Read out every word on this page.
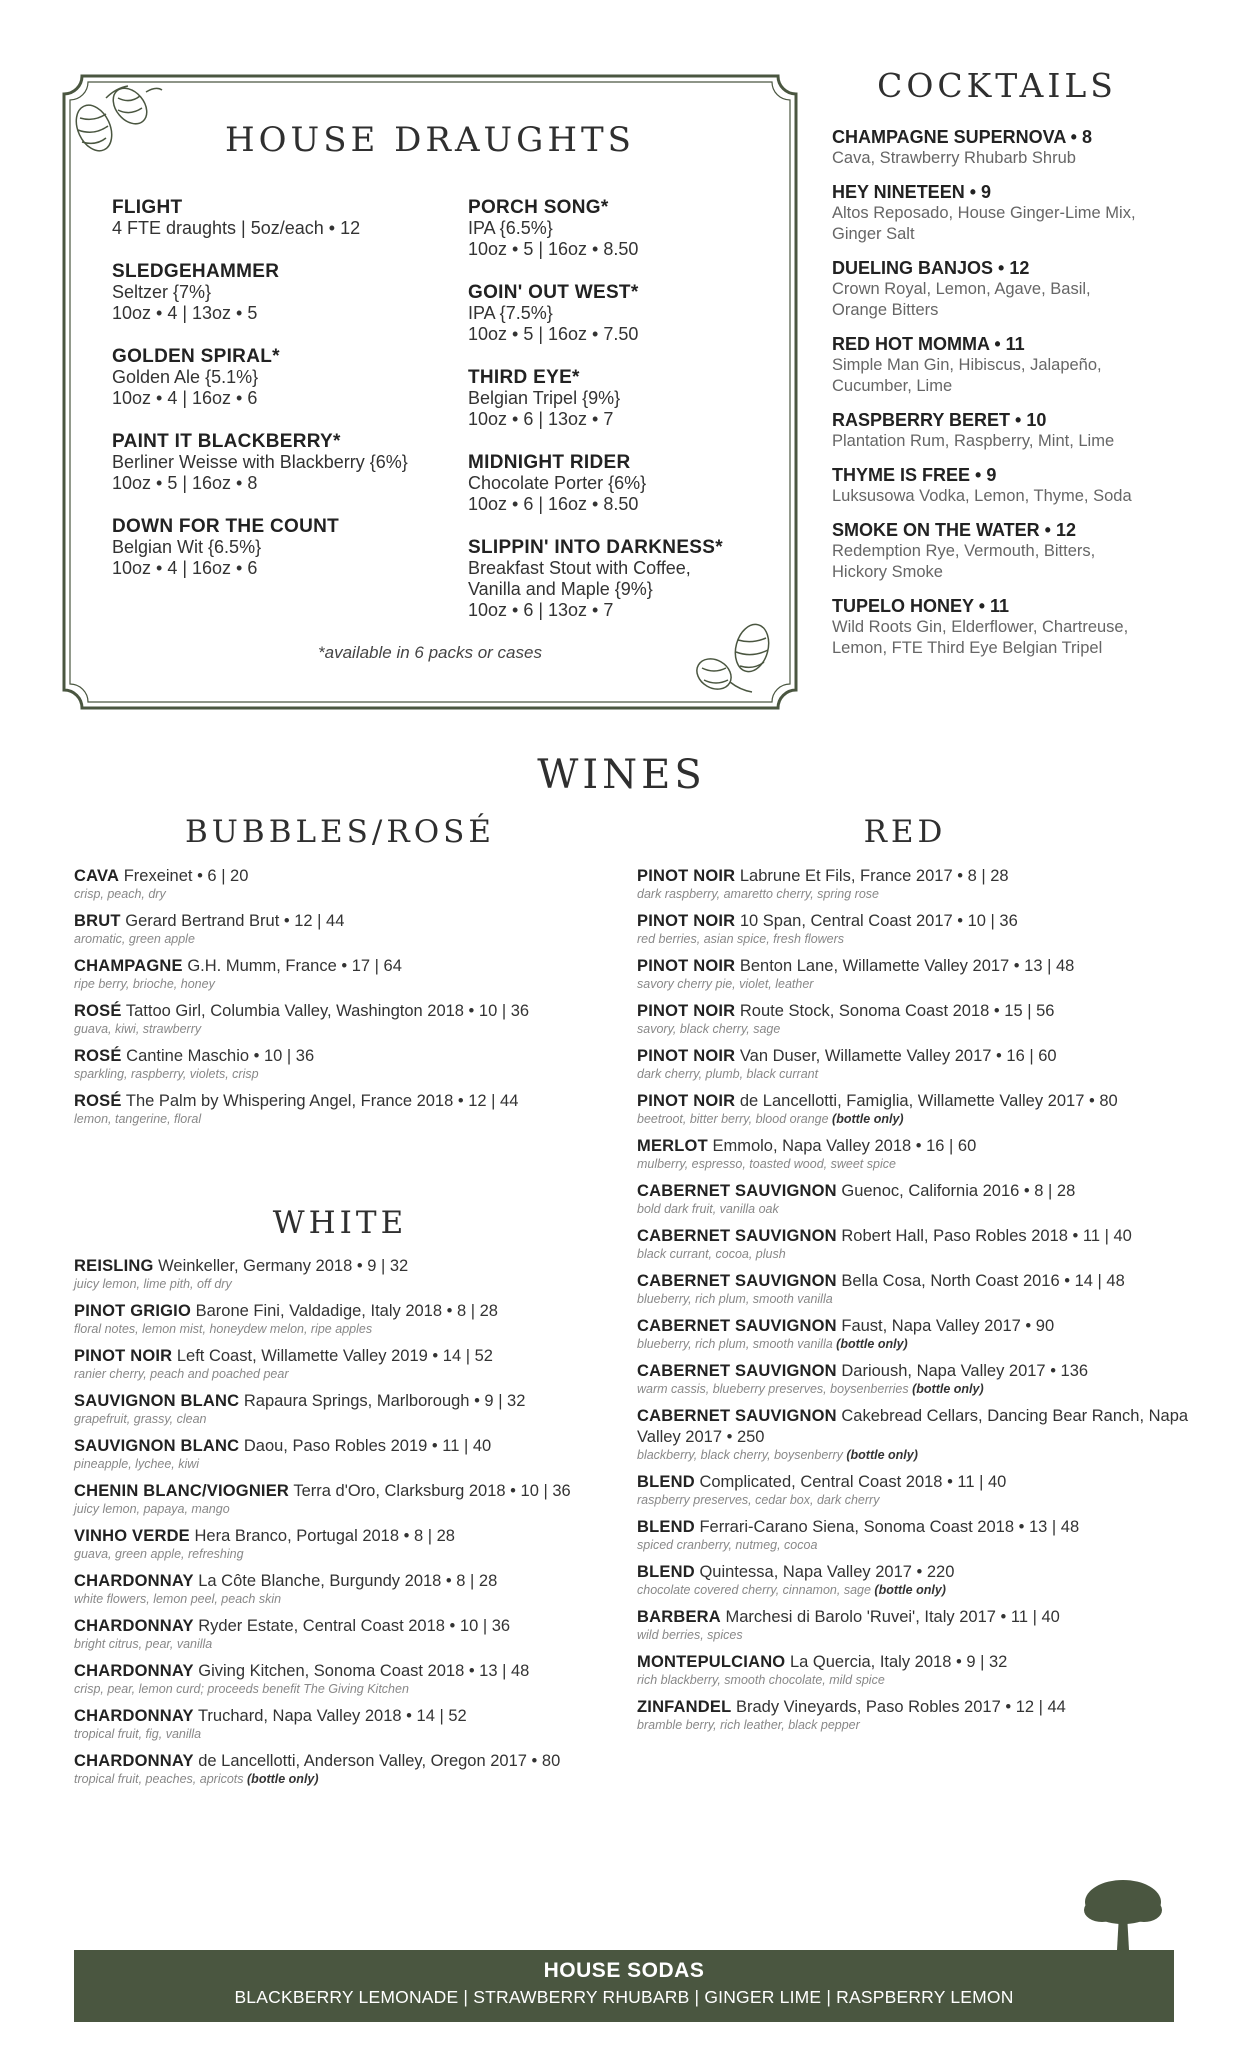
HOUSE DRAUGHTS
FLIGHT
4 FTE draughts | 5oz/each • 12
SLEDGEHAMMER
Seltzer {7%}
10oz • 4 | 13oz • 5
GOLDEN SPIRAL*
Golden Ale {5.1%}
10oz • 4 | 16oz • 6
PAINT IT BLACKBERRY*
Berliner Weisse with Blackberry {6%}
10oz • 5 | 16oz • 8
DOWN FOR THE COUNT
Belgian Wit {6.5%}
10oz • 4 | 16oz • 6
PORCH SONG*
IPA {6.5%}
10oz • 5 | 16oz • 8.50
GOIN' OUT WEST*
IPA {7.5%}
10oz • 5 | 16oz • 7.50
THIRD EYE*
Belgian Tripel {9%}
10oz • 6 | 13oz • 7
MIDNIGHT RIDER
Chocolate Porter {6%}
10oz • 6 | 16oz • 8.50
SLIPPIN' INTO DARKNESS*
Breakfast Stout with Coffee,
Vanilla and Maple {9%}
10oz • 6 | 13oz • 7
*available in 6 packs or cases
COCKTAILS
CHAMPAGNE SUPERNOVA • 8
Cava, Strawberry Rhubarb Shrub
HEY NINETEEN • 9
Altos Reposado, House Ginger-Lime Mix,
Ginger Salt
DUELING BANJOS • 12
Crown Royal, Lemon, Agave, Basil,
Orange Bitters
RED HOT MOMMA • 11
Simple Man Gin, Hibiscus, Jalapeño,
Cucumber, Lime
RASPBERRY BERET • 10
Plantation Rum, Raspberry, Mint, Lime
THYME IS FREE • 9
Luksusowa Vodka, Lemon, Thyme, Soda
SMOKE ON THE WATER • 12
Redemption Rye, Vermouth, Bitters,
Hickory Smoke
TUPELO HONEY • 11
Wild Roots Gin, Elderflower, Chartreuse,
Lemon, FTE Third Eye Belgian Tripel
WINES
BUBBLES/ROSÉ
WHITE
RED
CAVA Frexeinet • 6 | 20
crisp, peach, dry
BRUT Gerard Bertrand Brut • 12 | 44
aromatic, green apple
CHAMPAGNE G.H. Mumm, France • 17 | 64
ripe berry, brioche, honey
ROSÉ Tattoo Girl, Columbia Valley, Washington 2018 • 10 | 36
guava, kiwi, strawberry
ROSÉ Cantine Maschio • 10 | 36
sparkling, raspberry, violets, crisp
ROSÉ The Palm by Whispering Angel, France 2018 • 12 | 44
lemon, tangerine, floral
REISLING Weinkeller, Germany 2018 • 9 | 32
juicy lemon, lime pith, off dry
PINOT GRIGIO Barone Fini, Valdadige, Italy 2018 • 8 | 28
floral notes, lemon mist, honeydew melon, ripe apples
PINOT NOIR Left Coast, Willamette Valley 2019 • 14 | 52
ranier cherry, peach and poached pear
SAUVIGNON BLANC Rapaura Springs, Marlborough • 9 | 32
grapefruit, grassy, clean
SAUVIGNON BLANC Daou, Paso Robles 2019 • 11 | 40
pineapple, lychee, kiwi
CHENIN BLANC/VIOGNIER Terra d'Oro, Clarksburg 2018 • 10 | 36
juicy lemon, papaya, mango
VINHO VERDE Hera Branco, Portugal 2018 • 8 | 28
guava, green apple, refreshing
CHARDONNAY La Côte Blanche, Burgundy 2018 • 8 | 28
white flowers, lemon peel, peach skin
CHARDONNAY Ryder Estate, Central Coast 2018 • 10 | 36
bright citrus, pear, vanilla
CHARDONNAY Giving Kitchen, Sonoma Coast 2018 • 13 | 48
crisp, pear, lemon curd; proceeds benefit The Giving Kitchen
CHARDONNAY Truchard, Napa Valley 2018 • 14 | 52
tropical fruit, fig, vanilla
CHARDONNAY de Lancellotti, Anderson Valley, Oregon 2017 • 80
tropical fruit, peaches, apricots (bottle only)
PINOT NOIR Labrune Et Fils, France 2017 • 8 | 28
dark raspberry, amaretto cherry, spring rose
PINOT NOIR 10 Span, Central Coast 2017 • 10 | 36
red berries, asian spice, fresh flowers
PINOT NOIR Benton Lane, Willamette Valley 2017 • 13 | 48
savory cherry pie, violet, leather
PINOT NOIR Route Stock, Sonoma Coast 2018 • 15 | 56
savory, black cherry, sage
PINOT NOIR Van Duser, Willamette Valley 2017 • 16 | 60
dark cherry, plumb, black currant
PINOT NOIR de Lancellotti, Famiglia, Willamette Valley 2017 • 80
beetroot, bitter berry, blood orange (bottle only)
MERLOT Emmolo, Napa Valley 2018 • 16 | 60
mulberry, espresso, toasted wood, sweet spice
CABERNET SAUVIGNON Guenoc, California 2016 • 8 | 28
bold dark fruit, vanilla oak
CABERNET SAUVIGNON Robert Hall, Paso Robles 2018 • 11 | 40
black currant, cocoa, plush
CABERNET SAUVIGNON Bella Cosa, North Coast 2016 • 14 | 48
blueberry, rich plum, smooth vanilla
CABERNET SAUVIGNON Faust, Napa Valley 2017 • 90
blueberry, rich plum, smooth vanilla (bottle only)
CABERNET SAUVIGNON Darioush, Napa Valley 2017 • 136
warm cassis, blueberry preserves, boysenberries (bottle only)
CABERNET SAUVIGNON Cakebread Cellars, Dancing Bear Ranch, Napa Valley 2017 • 250
blackberry, black cherry, boysenberry (bottle only)
BLEND Complicated, Central Coast 2018 • 11 | 40
raspberry preserves, cedar box, dark cherry
BLEND Ferrari-Carano Siena, Sonoma Coast 2018 • 13 | 48
spiced cranberry, nutmeg, cocoa
BLEND Quintessa, Napa Valley 2017 • 220
chocolate covered cherry, cinnamon, sage (bottle only)
BARBERA Marchesi di Barolo 'Ruvei', Italy 2017 • 11 | 40
wild berries, spices
MONTEPULCIANO La Quercia, Italy 2018 • 9 | 32
rich blackberry, smooth chocolate, mild spice
ZINFANDEL Brady Vineyards, Paso Robles 2017 • 12 | 44
bramble berry, rich leather, black pepper
HOUSE SODAS
BLACKBERRY LEMONADE | STRAWBERRY RHUBARB | GINGER LIME | RASPBERRY LEMON
